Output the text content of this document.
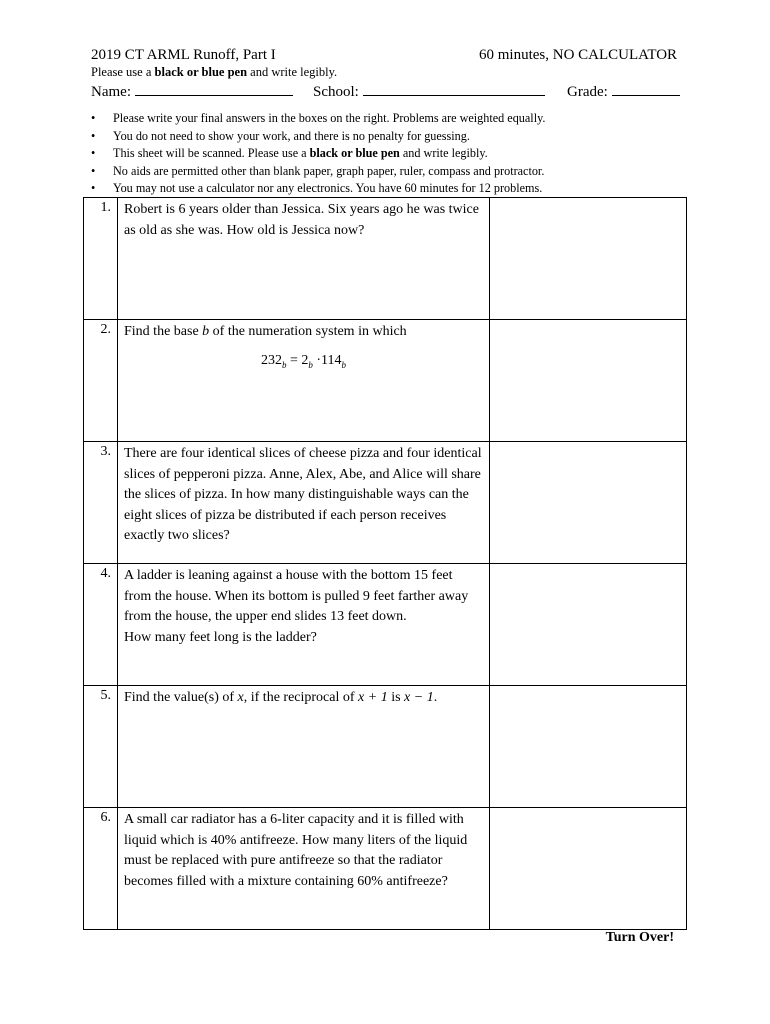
2019 CT ARML Runoff, Part I	60 minutes, NO CALCULATOR
Please use a black or blue pen and write legibly.
Name:	School:	Grade:
• Please write your final answers in the boxes on the right. Problems are weighted equally.
• You do not need to show your work, and there is no penalty for guessing.
• This sheet will be scanned. Please use a black or blue pen and write legibly.
• No aids are permitted other than blank paper, graph paper, ruler, compass and protractor.
• You may not use a calculator nor any electronics. You have 60 minutes for 12 problems.
1.	Robert is 6 years older than Jessica. Six years ago he was twice as old as she was. How old is Jessica now?	
2.	Find the base b of the numeration system in which
$232_b = 2_b \cdot 114_b$

3.	There are four identical slices of cheese pizza and four identical slices of pepperoni pizza. Anne, Alex, Abe, and Alice will share the slices of pizza. In how many distinguishable ways can the eight slices of pizza be distributed if each person receives exactly two slices?	
4.	A ladder is leaning against a house with the bottom 15 feet from the house. When its bottom is pulled 9 feet farther away from the house, the upper end slides 13 feet down.
How many feet long is the ladder?	

5.	Find the value(s) of x, if the reciprocal of x + 1 is x − 1.	
6.	A small car radiator has a 6-liter capacity and it is filled with liquid which is 40% antifreeze. How many liters of the liquid must be replaced with pure antifreeze so that the radiator becomes filled with a mixture containing 60% antifreeze?	
Turn Over!
